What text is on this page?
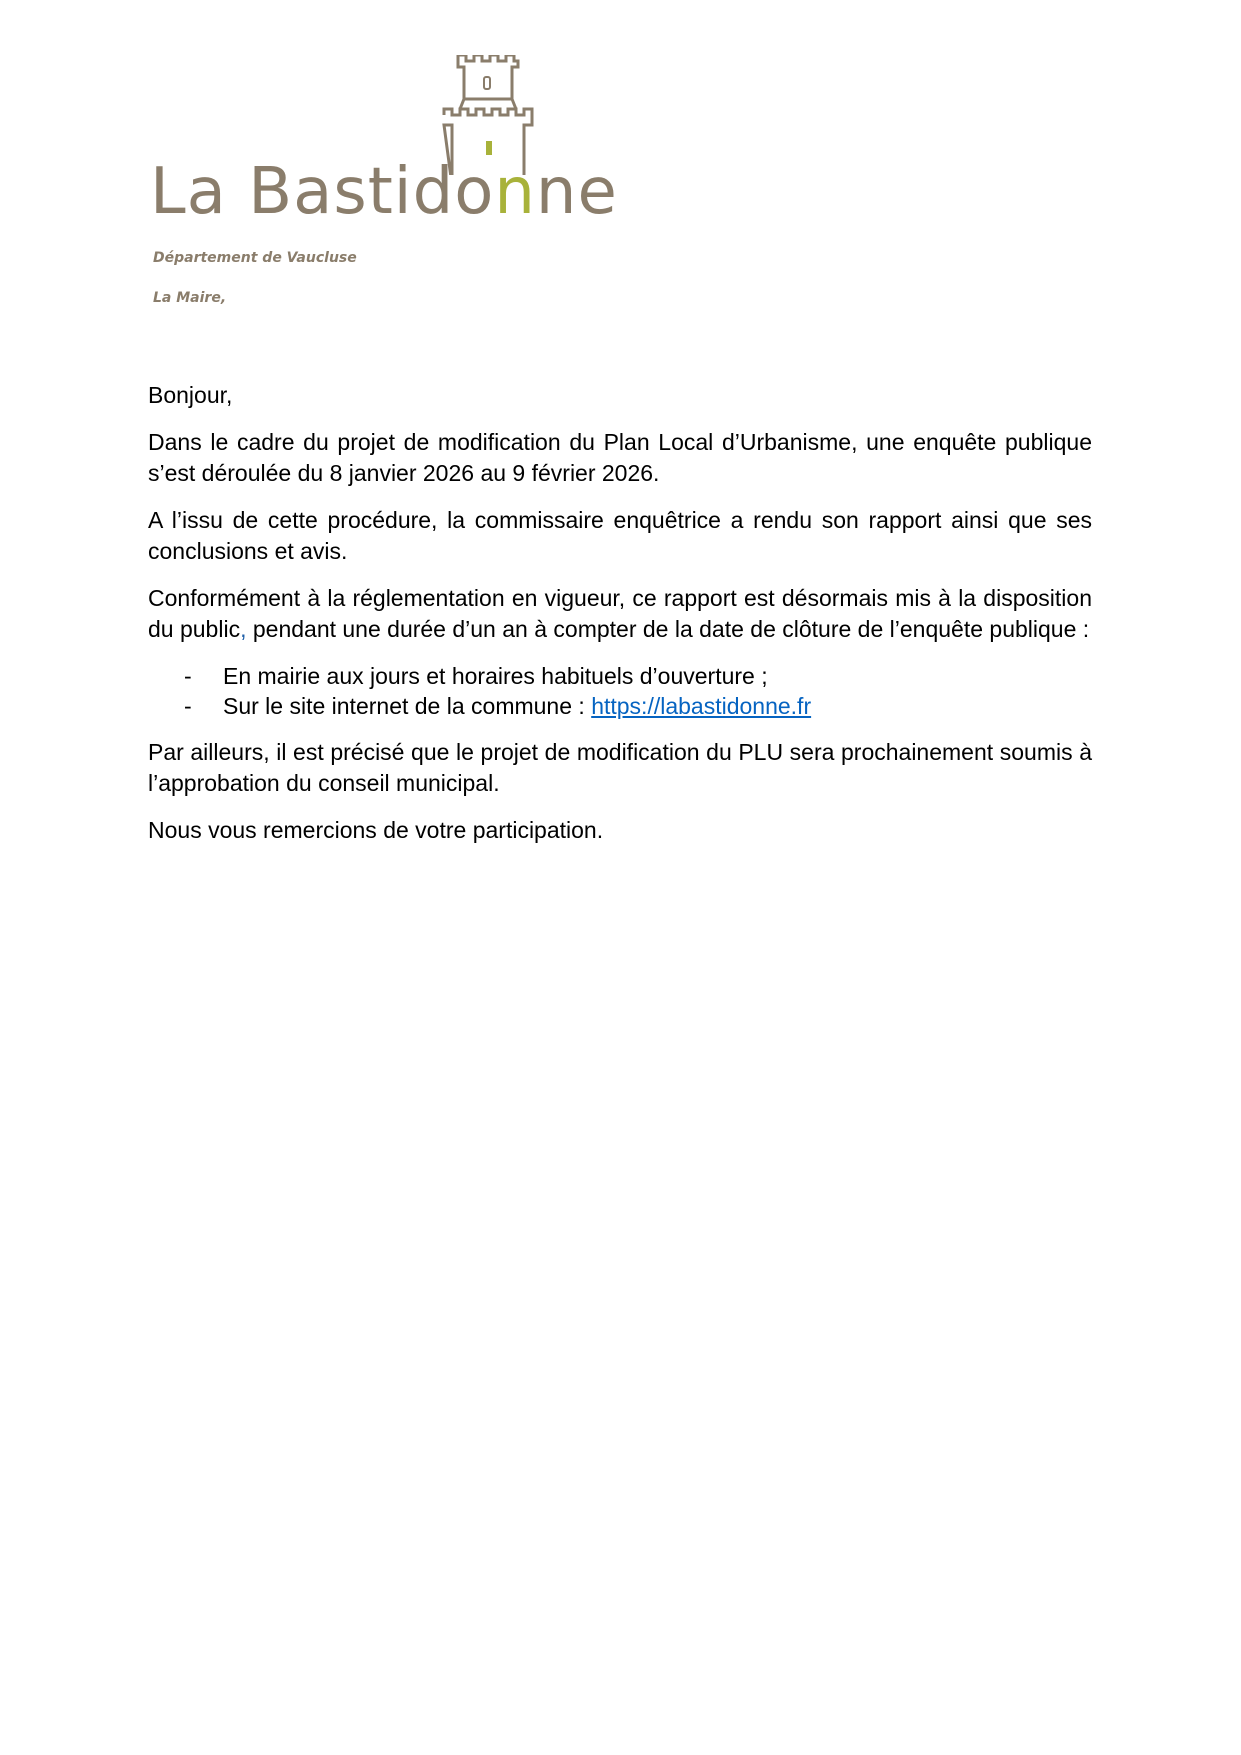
La Bastidonne
Département de Vaucluse
La Maire,

Bonjour,

Dans le cadre du projet de modification du Plan Local d’Urbanisme, une enquête publique s’est déroulée du 8 janvier 2026 au 9 février 2026.

A l’issu de cette procédure, la commissaire enquêtrice a rendu son rapport ainsi que ses conclusions et avis.

Conformément à la réglementation en vigueur, ce rapport est désormais mis à la disposition du public, pendant une durée d’un an à compter de la date de clôture de l’enquête publique :

- En mairie aux jours et horaires habituels d’ouverture ;
- Sur le site internet de la commune : https://labastidonne.fr

Par ailleurs, il est précisé que le projet de modification du PLU sera prochainement soumis à l’approbation du conseil municipal.

Nous vous remercions de votre participation.
